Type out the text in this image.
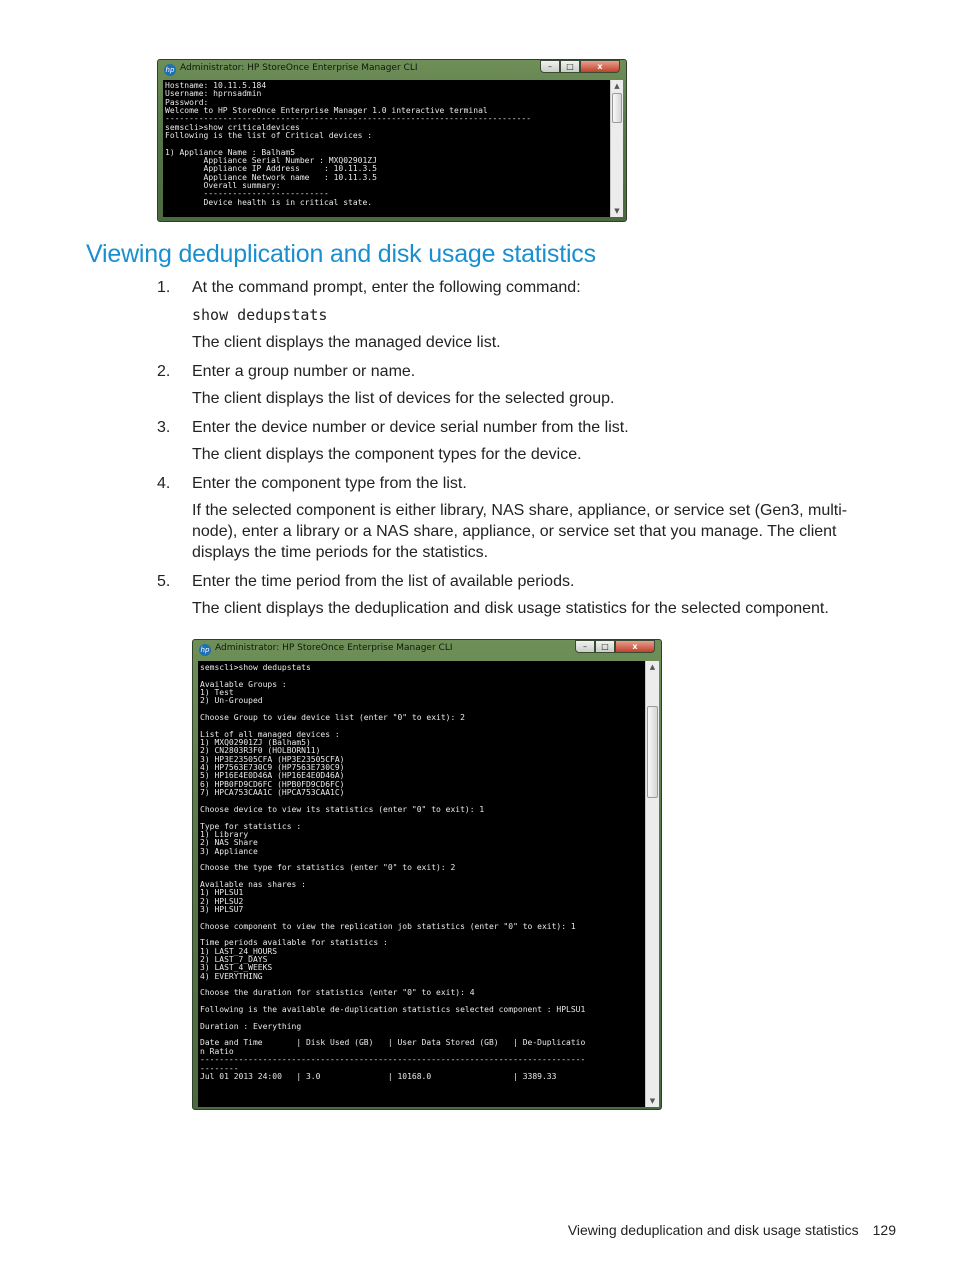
hp Administrator: HP StoreOnce Enterprise Manager CLI	–	□	x
Hostname: 10.11.5.184
Username: hprnsadmin
Password:
Welcome to HP StoreOnce Enterprise Manager 1.0 interactive terminal
----------------------------------------------------------------------------
semscli>show criticaldevices
Following is the list of Critical devices :

1) Appliance Name : Balham5
Appliance Serial Number : MXQ02901ZJ
Appliance IP Address     : 10.11.3.5
Appliance Network name   : 10.11.3.5
Overall summary:
--------------------------
Device health is in critical state.
▲
▼
Viewing deduplication and disk usage statistics
1. At the command prompt, enter the following command:
show dedupstats
The client displays the managed device list.
2. Enter a group number or name.
The client displays the list of devices for the selected group.
3. Enter the device number or device serial number from the list.
The client displays the component types for the device.
4. Enter the component type from the list.
If the selected component is either library, NAS share, appliance, or service set (Gen3, multi-node), enter a library or a NAS share, appliance, or service set that you manage. The client displays the time periods for the statistics.
5. Enter the time period from the list of available periods.
The client displays the deduplication and disk usage statistics for the selected component.
hp Administrator: HP StoreOnce Enterprise Manager CLI	–	□	x
semscli>show dedupstats

Available Groups :
1) Test
2) Un-Grouped

Choose Group to view device list (enter "0" to exit): 2

List of all managed devices :
1) MXQ02901ZJ (Balham5)
2) CN2803R3F0 (HOLBORN11)
3) HP3E23505CFA (HP3E23505CFA)
4) HP7563E730C9 (HP7563E730C9)
5) HP16E4E0D46A (HP16E4E0D46A)
6) HPB0FD9CD6FC (HPB0FD9CD6FC)
7) HPCA753CAA1C (HPCA753CAA1C)

Choose device to view its statistics (enter "0" to exit): 1

Type for statistics :
1) Library
2) NAS Share
3) Appliance

Choose the type for statistics (enter "0" to exit): 2

Available nas shares :
1) HPLSU1
2) HPLSU2
3) HPLSU7

Choose component to view the replication job statistics (enter "0" to exit): 1

Time periods available for statistics :
1) LAST_24_HOURS
2) LAST_7_DAYS
3) LAST_4_WEEKS
4) EVERYTHING

Choose the duration for statistics (enter "0" to exit): 4

Following is the available de-duplication statistics selected component : HPLSU1

Duration : Everything

Date and Time       | Disk Used (GB)   | User Data Stored (GB)   | De-Duplicatio
n Ratio
--------------------------------------------------------------------------------
--------
Jul 01 2013 24:00   | 3.0              | 10168.0                 | 3389.33
▲
▼
Viewing deduplication and disk usage statistics 129
